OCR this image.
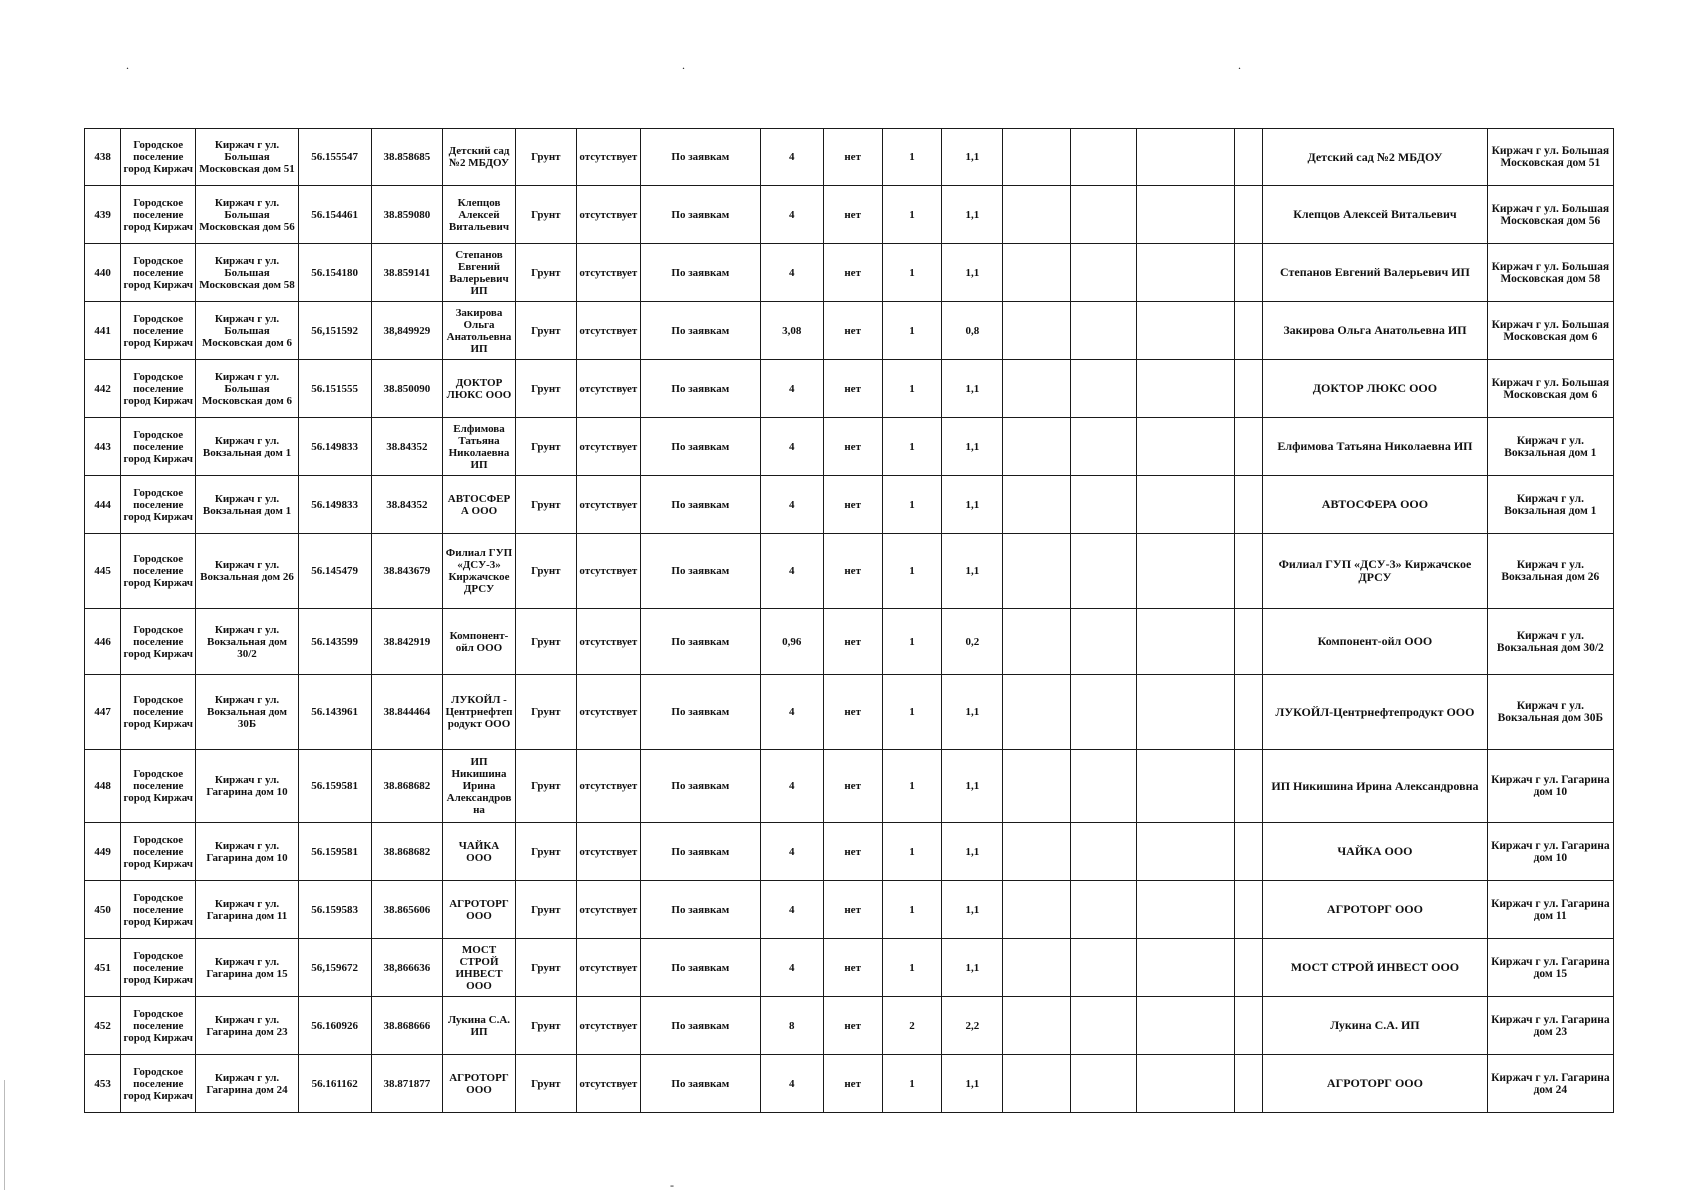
.	.	.
-
438	Городское поселение город Киржач	Киржач г ул. Большая Московская дом 51	56.155547	38.858685	Детский сад №2 МБДОУ	Грунт	отсутствует	По заявкам	4	нет	1	1,1					Детский сад №2 МБДОУ	Киржач г ул. Большая Московская дом 51
439	Городское поселение город Киржач	Киржач г ул. Большая Московская дом 56	56.154461	38.859080	Клепцов Алексей Витальевич	Грунт	отсутствует	По заявкам	4	нет	1	1,1					Клепцов Алексей Витальевич	Киржач г ул. Большая Московская дом 56
440	Городское поселение город Киржач	Киржач г ул. Большая Московская дом 58	56.154180	38.859141	Степанов Евгений Валерьевич ИП	Грунт	отсутствует	По заявкам	4	нет	1	1,1					Степанов Евгений Валерьевич ИП	Киржач г ул. Большая Московская дом 58
441	Городское поселение город Киржач	Киржач г ул. Большая Московская дом 6	56,151592	38,849929	Закирова Ольга Анатольевна ИП	Грунт	отсутствует	По заявкам	3,08	нет	1	0,8					Закирова Ольга Анатольевна ИП	Киржач г ул. Большая Московская дом 6
442	Городское поселение город Киржач	Киржач г ул. Большая Московская дом 6	56.151555	38.850090	ДОКТОР ЛЮКС ООО	Грунт	отсутствует	По заявкам	4	нет	1	1,1					ДОКТОР ЛЮКС ООО	Киржач г ул. Большая Московская дом 6
443	Городское поселение город Киржач	Киржач г ул. Вокзальная дом 1	56.149833	38.84352	Елфимова Татьяна Николаевна ИП	Грунт	отсутствует	По заявкам	4	нет	1	1,1					Елфимова Татьяна Николаевна ИП	Киржач г ул. Вокзальная дом 1
444	Городское поселение город Киржач	Киржач г ул. Вокзальная дом 1	56.149833	38.84352	АВТОСФЕРА ООО	Грунт	отсутствует	По заявкам	4	нет	1	1,1					АВТОСФЕРА ООО	Киржач г ул. Вокзальная дом 1
445	Городское поселение город Киржач	Киржач г ул. Вокзальная дом 26	56.145479	38.843679	Филиал ГУП «ДСУ-3» Киржачское ДРСУ	Грунт	отсутствует	По заявкам	4	нет	1	1,1					Филиал ГУП «ДСУ-3» Киржачское ДРСУ	Киржач г ул. Вокзальная дом 26
446	Городское поселение город Киржач	Киржач г ул. Вокзальная дом 30/2	56.143599	38.842919	Компонент-ойл ООО	Грунт	отсутствует	По заявкам	0,96	нет	1	0,2					Компонент-ойл ООО	Киржач г ул. Вокзальная дом 30/2
447	Городское поселение город Киржач	Киржач г ул. Вокзальная дом 30Б	56.143961	38.844464	ЛУКОЙЛ - Центрнефтепродукт ООО	Грунт	отсутствует	По заявкам	4	нет	1	1,1					ЛУКОЙЛ-Центрнефтепродукт ООО	Киржач г ул. Вокзальная дом 30Б
448	Городское поселение город Киржач	Киржач г ул. Гагарина дом 10	56.159581	38.868682	ИП Никишина Ирина Александровна	Грунт	отсутствует	По заявкам	4	нет	1	1,1					ИП Никишина Ирина Александровна	Киржач г ул. Гагарина дом 10
449	Городское поселение город Киржач	Киржач г ул. Гагарина дом 10	56.159581	38.868682	ЧАЙКА ООО	Грунт	отсутствует	По заявкам	4	нет	1	1,1					ЧАЙКА ООО	Киржач г ул. Гагарина дом 10
450	Городское поселение город Киржач	Киржач г ул. Гагарина дом 11	56.159583	38.865606	АГРОТОРГ ООО	Грунт	отсутствует	По заявкам	4	нет	1	1,1					АГРОТОРГ ООО	Киржач г ул. Гагарина дом 11
451	Городское поселение город Киржач	Киржач г ул. Гагарина дом 15	56,159672	38,866636	МОСТ СТРОЙ ИНВЕСТ ООО	Грунт	отсутствует	По заявкам	4	нет	1	1,1					МОСТ СТРОЙ ИНВЕСТ ООО	Киржач г ул. Гагарина дом 15
452	Городское поселение город Киржач	Киржач г ул. Гагарина дом 23	56.160926	38.868666	Лукина С.А. ИП	Грунт	отсутствует	По заявкам	8	нет	2	2,2					Лукина С.А. ИП	Киржач г ул. Гагарина дом 23
453	Городское поселение город Киржач	Киржач г ул. Гагарина дом 24	56.161162	38.871877	АГРОТОРГ ООО	Грунт	отсутствует	По заявкам	4	нет	1	1,1					АГРОТОРГ ООО	Киржач г ул. Гагарина дом 24
